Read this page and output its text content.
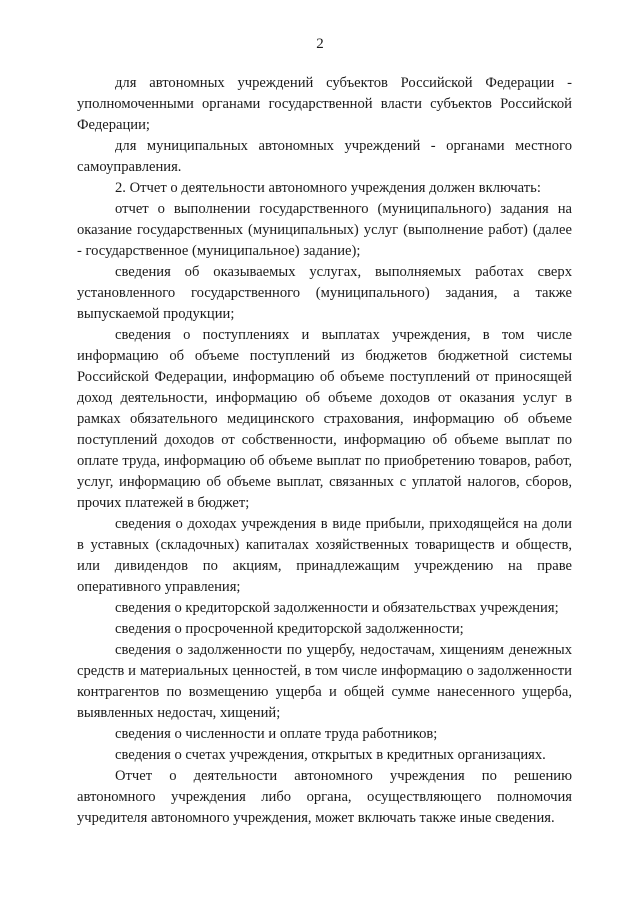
2

для автономных учреждений субъектов Российской Федерации - уполномоченными органами государственной власти субъектов Российской Федерации;

для муниципальных автономных учреждений - органами местного самоуправления.

2. Отчет о деятельности автономного учреждения должен включать:

отчет о выполнении государственного (муниципального) задания на оказание государственных (муниципальных) услуг (выполнение работ) (далее - государственное (муниципальное) задание);

сведения об оказываемых услугах, выполняемых работах сверх установленного государственного (муниципального) задания, а также выпускаемой продукции;

сведения о поступлениях и выплатах учреждения, в том числе информацию об объеме поступлений из бюджетов бюджетной системы Российской Федерации, информацию об объеме поступлений от приносящей доход деятельности, информацию об объеме доходов от оказания услуг в рамках обязательного медицинского страхования, информацию об объеме поступлений доходов от собственности, информацию об объеме выплат по оплате труда, информацию об объеме выплат по приобретению товаров, работ, услуг, информацию об объеме выплат, связанных с уплатой налогов, сборов, прочих платежей в бюджет;

сведения о доходах учреждения в виде прибыли, приходящейся на доли в уставных (складочных) капиталах хозяйственных товариществ и обществ, или дивидендов по акциям, принадлежащим учреждению на праве оперативного управления;

сведения о кредиторской задолженности и обязательствах учреждения;

сведения о просроченной кредиторской задолженности;

сведения о задолженности по ущербу, недостачам, хищениям денежных средств и материальных ценностей, в том числе информацию о задолженности контрагентов по возмещению ущерба и общей сумме нанесенного ущерба, выявленных недостач, хищений;

сведения о численности и оплате труда работников;

сведения о счетах учреждения, открытых в кредитных организациях.

Отчет о деятельности автономного учреждения по решению автономного учреждения либо органа, осуществляющего полномочия учредителя автономного учреждения, может включать также иные сведения.
